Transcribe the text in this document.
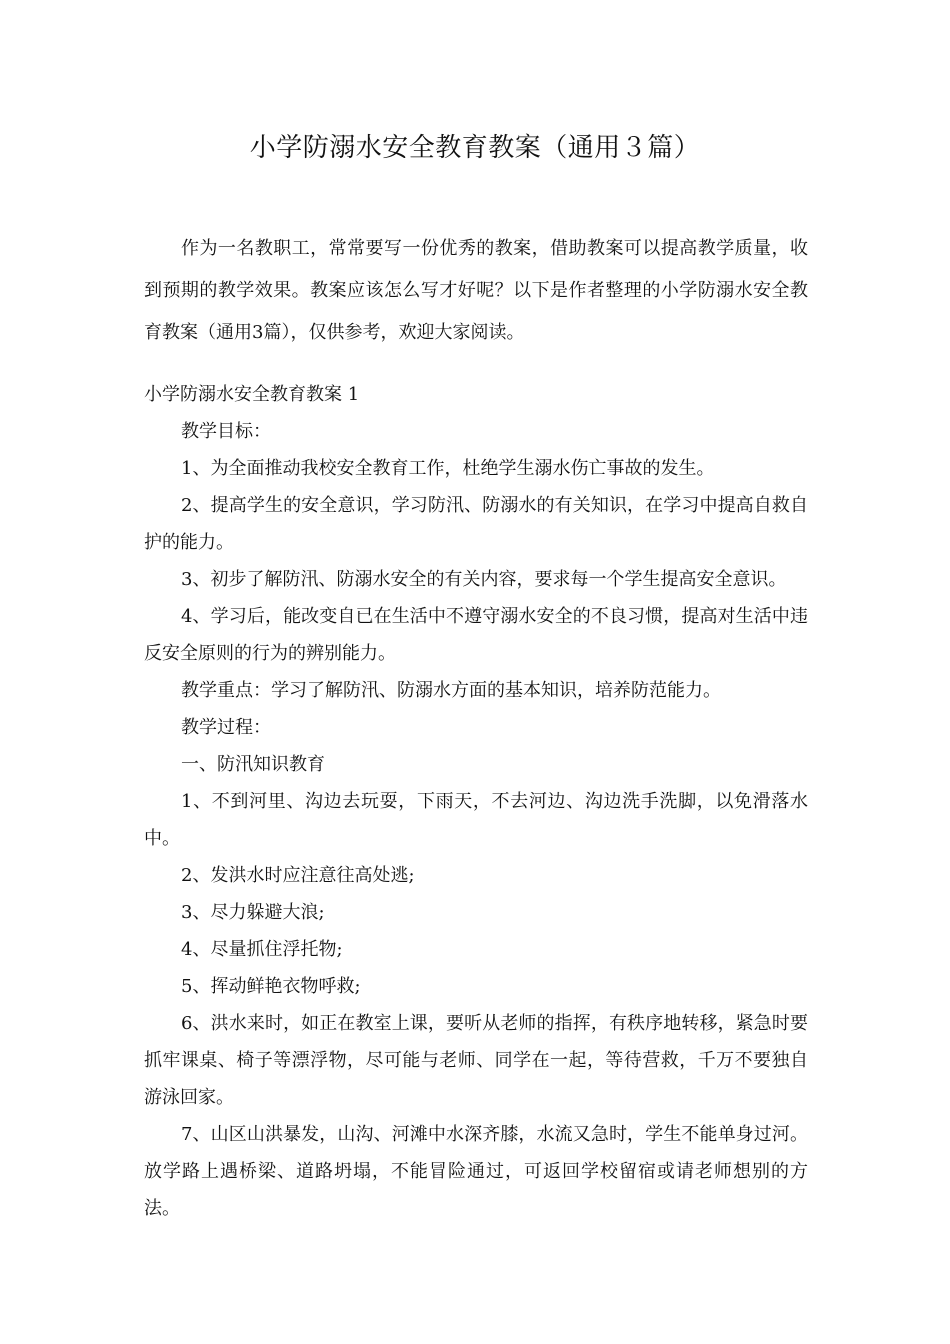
小学防溺水安全教育教案（通用３篇）

作为一名教职工，常常要写一份优秀的教案，借助教案可以提高教学质量，收到预期的教学效果。教案应该怎么写才好呢？以下是作者整理的小学防溺水安全教育教案（通用3篇），仅供参考，欢迎大家阅读。

小学防溺水安全教育教案 1

教学目标：

1、为全面推动我校安全教育工作，杜绝学生溺水伤亡事故的发生。

2、提高学生的安全意识，学习防汛、防溺水的有关知识，在学习中提高自救自护的能力。

3、初步了解防汛、防溺水安全的有关内容，要求每一个学生提高安全意识。

4、学习后，能改变自已在生活中不遵守溺水安全的不良习惯，提高对生活中违反安全原则的行为的辨别能力。

教学重点：学习了解防汛、防溺水方面的基本知识，培养防范能力。

教学过程：

一、防汛知识教育

1、不到河里、沟边去玩耍，下雨天，不去河边、沟边洗手洗脚，以免滑落水中。

2、发洪水时应注意往高处逃;

3、尽力躲避大浪;

4、尽量抓住浮托物;

5、挥动鲜艳衣物呼救;

6、洪水来时，如正在教室上课，要听从老师的指挥，有秩序地转移，紧急时要抓牢课桌、椅子等漂浮物，尽可能与老师、同学在一起，等待营救，千万不要独自游泳回家。

7、山区山洪暴发，山沟、河滩中水深齐膝，水流又急时，学生不能单身过河。放学路上遇桥梁、道路坍塌，不能冒险通过，可返回学校留宿或请老师想别的方法。
